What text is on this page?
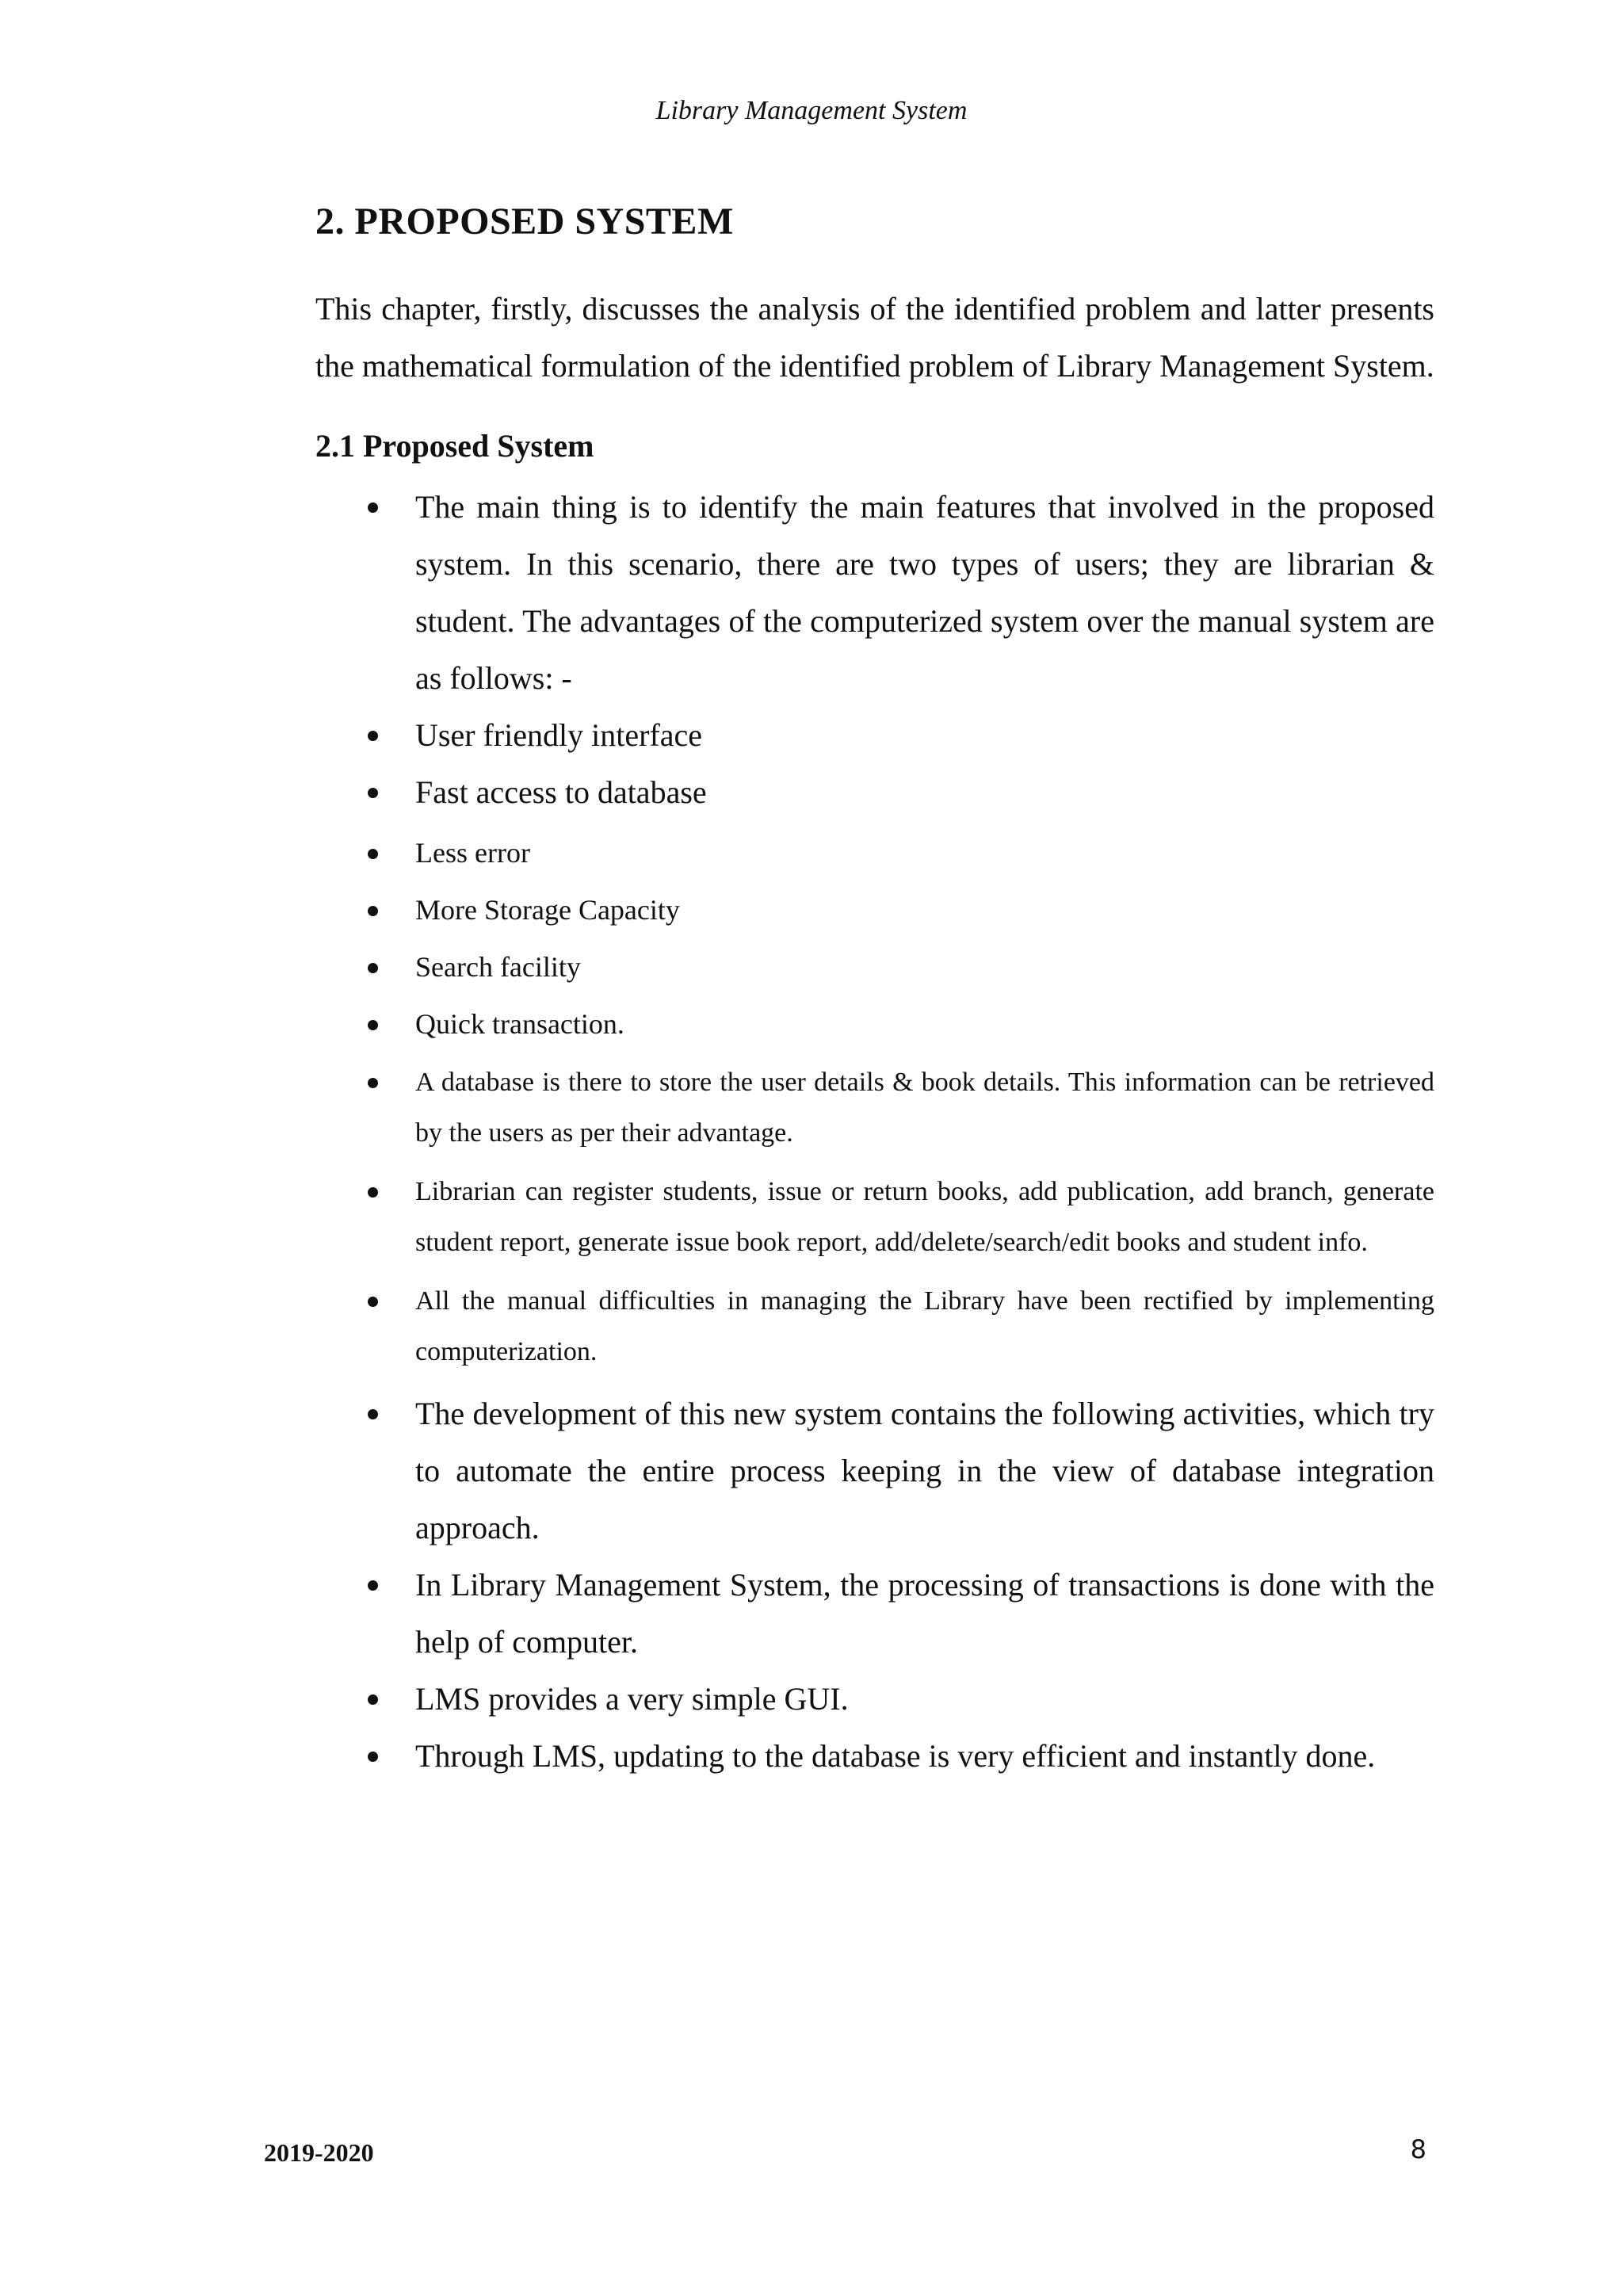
Library Management System
2. PROPOSED SYSTEM

This chapter, firstly, discusses the analysis of the identified problem and latter presents the mathematical formulation of the identified problem of Library Management System.

2.1 Proposed System
The main thing is to identify the main features that involved in the proposed system. In this scenario, there are two types of users; they are librarian & student. The advantages of the computerized system over the manual system are as follows: -
User friendly interface
Fast access to database
Less error
More Storage Capacity
Search facility
Quick transaction.
A database is there to store the user details & book details. This information can be retrieved by the users as per their advantage.
Librarian can register students, issue or return books, add publication, add branch, generate student report, generate issue book report, add/delete/search/edit books and student info.
All the manual difficulties in managing the Library have been rectified by implementing computerization.
The development of this new system contains the following activities, which try to automate the entire process keeping in the view of database integration approach.
In Library Management System, the processing of transactions is done with the help of computer.
LMS provides a very simple GUI.
Through LMS, updating to the database is very efficient and instantly done.
2019-2020	8
